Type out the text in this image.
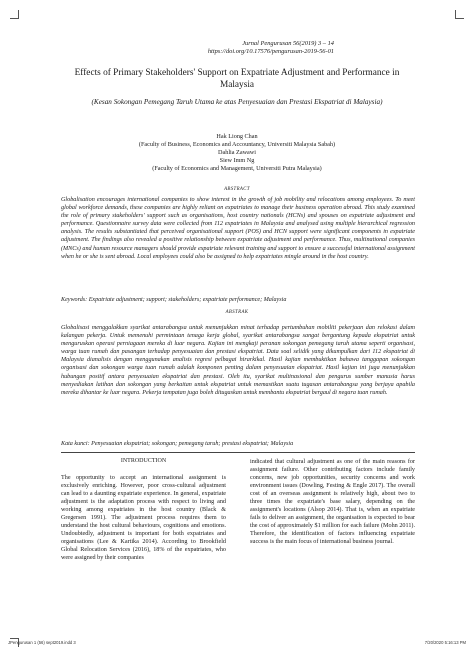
Jurnal Pengurusan 56(2019) 3 – 14
https://doi.org/10.17576/pengurusan-2019-56-01
Effects of Primary Stakeholders' Support on Expatriate Adjustment and Performance in Malaysia
(Kesan Sokongan Pemegang Taruh Utama ke atas Penyesuaian dan Prestasi Ekspatriat di Malaysia)
Hak Liong Chan
(Faculty of Business, Economics and Accountancy, Universiti Malaysia Sabah)
Dahlia Zawawi
Siew Imm Ng
(Faculty of Economics and Management, Universiti Putra Malaysia)
ABSTRACT

Globalisation encourages international companies to show interest in the growth of job mobility and relocations among employees. To meet global workforce demands, these companies are highly reliant on expatriates to manage their business operation abroad. This study examined the role of primary stakeholders' support such as organisations, host country nationals (HCNs) and spouses on expatriate adjustment and performance. Questionnaire survey data were collected from 112 expatriates in Malaysia and analysed using multiple hierarchical regression analysis. The results substantiated that perceived organisational support (POS) and HCN support were significant components in expatriate adjustment. The findings also revealed a positive relationship between expatriate adjustment and performance. Thus, multinational companies (MNCs) and human resource managers should provide expatriate relevant training and support to ensure a successful international assignment when he or she is sent abroad. Local employees could also be assigned to help expatriates mingle around in the host country.

Keywords: Expatriate adjustment; support; stakeholders; expatriate performance; Malaysia

ABSTRAK

Globalisasi menggalakkan syarikat antarabangsa untuk menunjukkan minat terhadap pertumbuhan mobiliti pekerjaan dan relokasi dalam kalangan pekerja. Untuk memenuhi permintaan tenaga kerja global, syarikat antarabangsa sangat bergantung kepada ekspatriat untuk menguruskan operasi perniagaan mereka di luar negara. Kajian ini mengkaji peranan sokongan pemegang taruh utama seperti organisasi, warga tuan rumah dan pasangan terhadap penyesuaian dan prestasi ekspatriat. Data soal selidik yang dikumpulkan dari 112 ekspatriat di Malaysia dianalisis dengan menggunakan analisis regresi pelbagai hirarkikal. Hasil kajian membuktikan bahawa tanggapan sokongan organisasi dan sokongan warga tuan rumah adalah komponen penting dalam penyesuaian ekspatriat. Hasil kajian ini juga menunjukkan hubungan positif antara penyesuaian ekspatriat dan prestasi. Oleh itu, syarikat multinasional dan pengurus sumber manusia harus menyediakan latihan dan sokongan yang berkaitan untuk ekspatriat untuk memastikan suatu tugasan antarabangsa yang berjaya apabila mereka dihantar ke luar negara. Pekerja tempatan juga boleh ditugaskan untuk membantu ekspatriat bergaul di negara tuan rumah.

Kata kunci: Penyesuaian ekspatriat; sokongan; pemegang taruh; prestasi ekspatriat; Malaysia

INTRODUCTION

The opportunity to accept an international assignment is exclusively enriching. However, poor cross-cultural adjustment can lead to a daunting expatriate experience. In general, expatriate adjustment is the adaptation process with respect to living and working among expatriates in the host country (Black & Gregersen 1991). The adjustment process requires them to understand the host cultural behaviours, cognitions and emotions. Undoubtedly, adjustment is important for both expatriates and organisations (Lee & Kartika 2014). According to Brookfield Global Relocation Services (2016), 18% of the expatriates, who were assigned by their companies

indicated that cultural adjustment as one of the main reasons for assignment failure. Other contributing factors include family concerns, new job opportunities, security concerns and work environment issues (Dowling, Festing & Engle 2017). The overall cost of an overseas assignment is relatively high, about two to three times the expatriate's base salary, depending on the assignment's locations (Alsop 2014). That is, when an expatriate fails to deliver an assignment, the organisation is expected to bear the cost of approximately $1 million for each failure (Mohn 2011). Therefore, the identification of factors influencing expatriate success is the main focus of international business journal.

JPengurusan 1 (56) sept2019.indd 3	7/20/2020 5:16:13 PM
